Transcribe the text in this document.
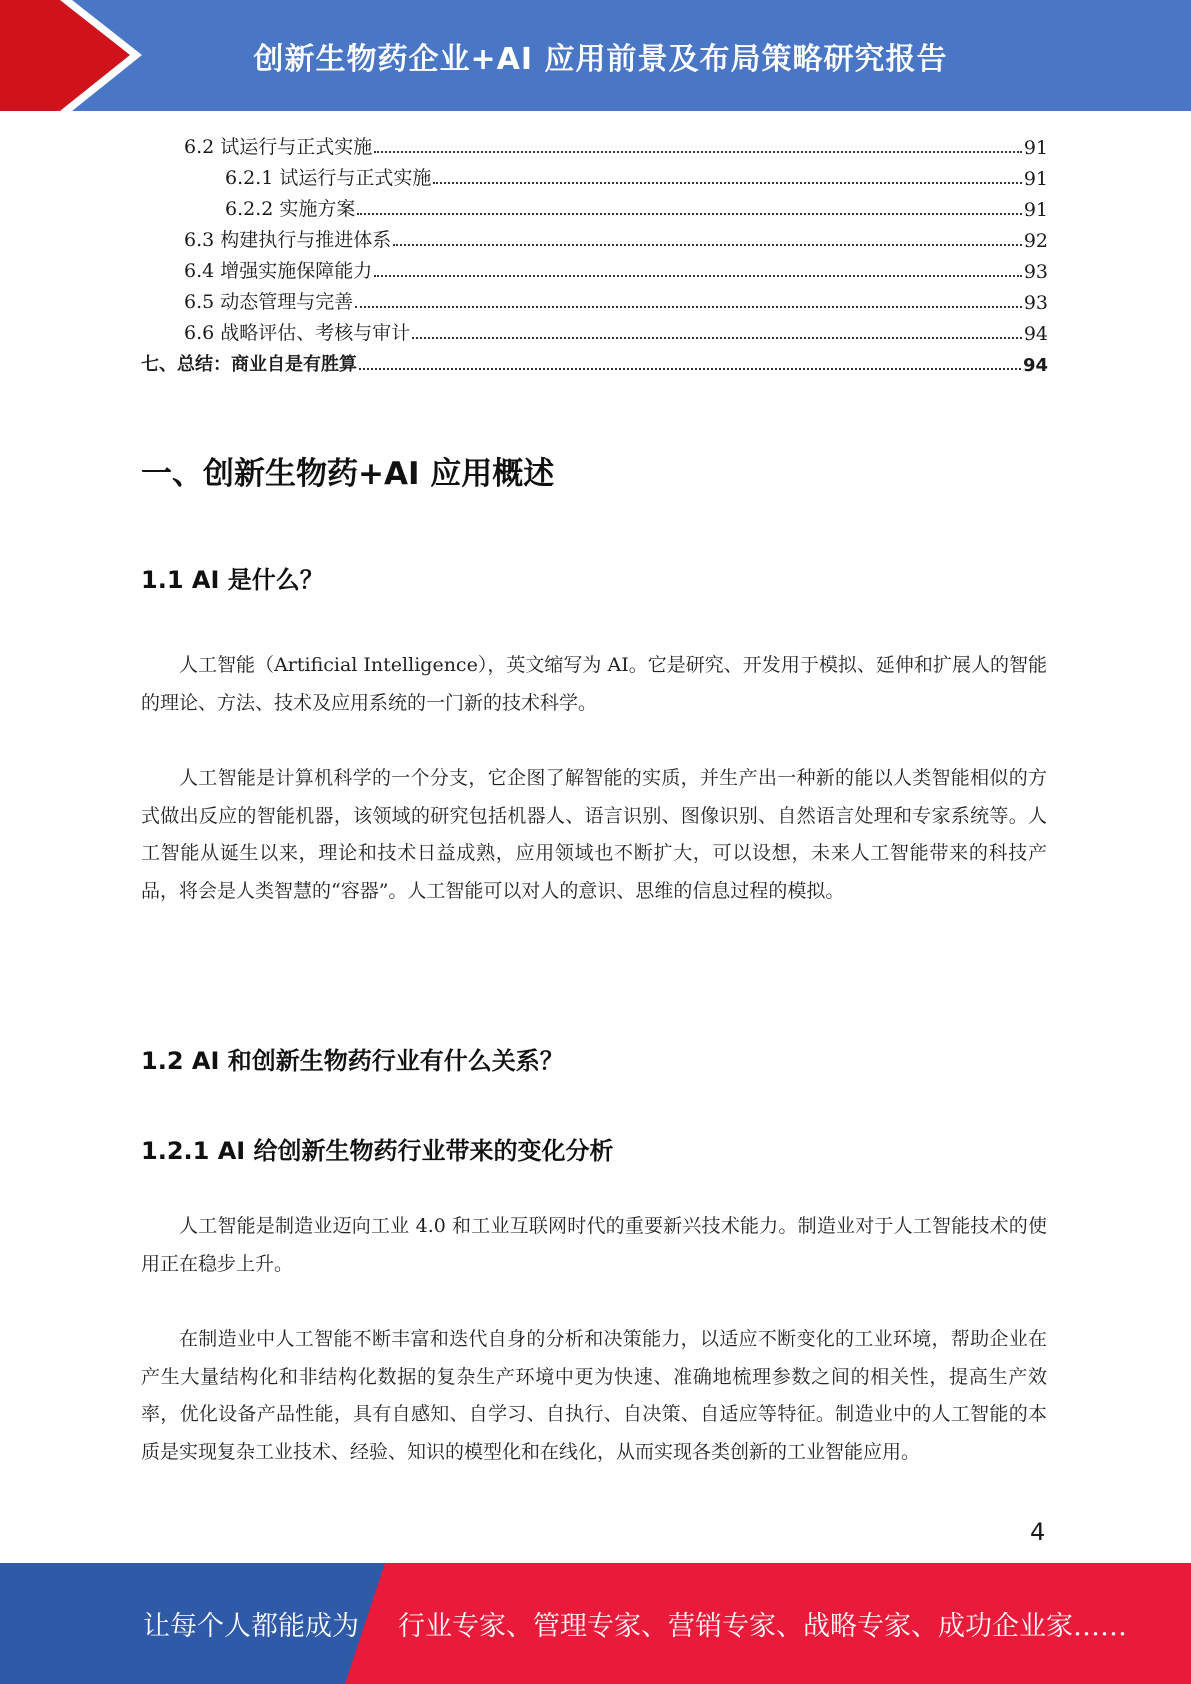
创新生物药企业+AI 应用前景及布局策略研究报告
6.2 试运行与正式实施	91
6.2.1 试运行与正式实施	91
6.2.2 实施方案	91
6.3 构建执行与推进体系	92
6.4 增强实施保障能力	93
6.5 动态管理与完善	93
6.6 战略评估、考核与审计	94
七、总结：商业自是有胜算	94
一、创新生物药+AI 应用概述
1.1 AI 是什么？
人工智能（Artificial Intelligence），英文缩写为 AI。它是研究、开发用于模拟、延伸和扩展人的智能的理论、方法、技术及应用系统的一门新的技术科学。
人工智能是计算机科学的一个分支，它企图了解智能的实质，并生产出一种新的能以人类智能相似的方式做出反应的智能机器，该领域的研究包括机器人、语言识别、图像识别、自然语言处理和专家系统等。人工智能从诞生以来，理论和技术日益成熟，应用领域也不断扩大，可以设想，未来人工智能带来的科技产品，将会是人类智慧的“容器”。人工智能可以对人的意识、思维的信息过程的模拟。
1.2 AI 和创新生物药行业有什么关系？
1.2.1 AI 给创新生物药行业带来的变化分析
人工智能是制造业迈向工业 4.0 和工业互联网时代的重要新兴技术能力。制造业对于人工智能技术的使用正在稳步上升。
在制造业中人工智能不断丰富和迭代自身的分析和决策能力，以适应不断变化的工业环境，帮助企业在产生大量结构化和非结构化数据的复杂生产环境中更为快速、准确地梳理参数之间的相关性，提高生产效率，优化设备产品性能，具有自感知、自学习、自执行、自决策、自适应等特征。制造业中的人工智能的本质是实现复杂工业技术、经验、知识的模型化和在线化，从而实现各类创新的工业智能应用。
4
让每个人都能成为 行业专家、管理专家、营销专家、战略专家、成功企业家……
